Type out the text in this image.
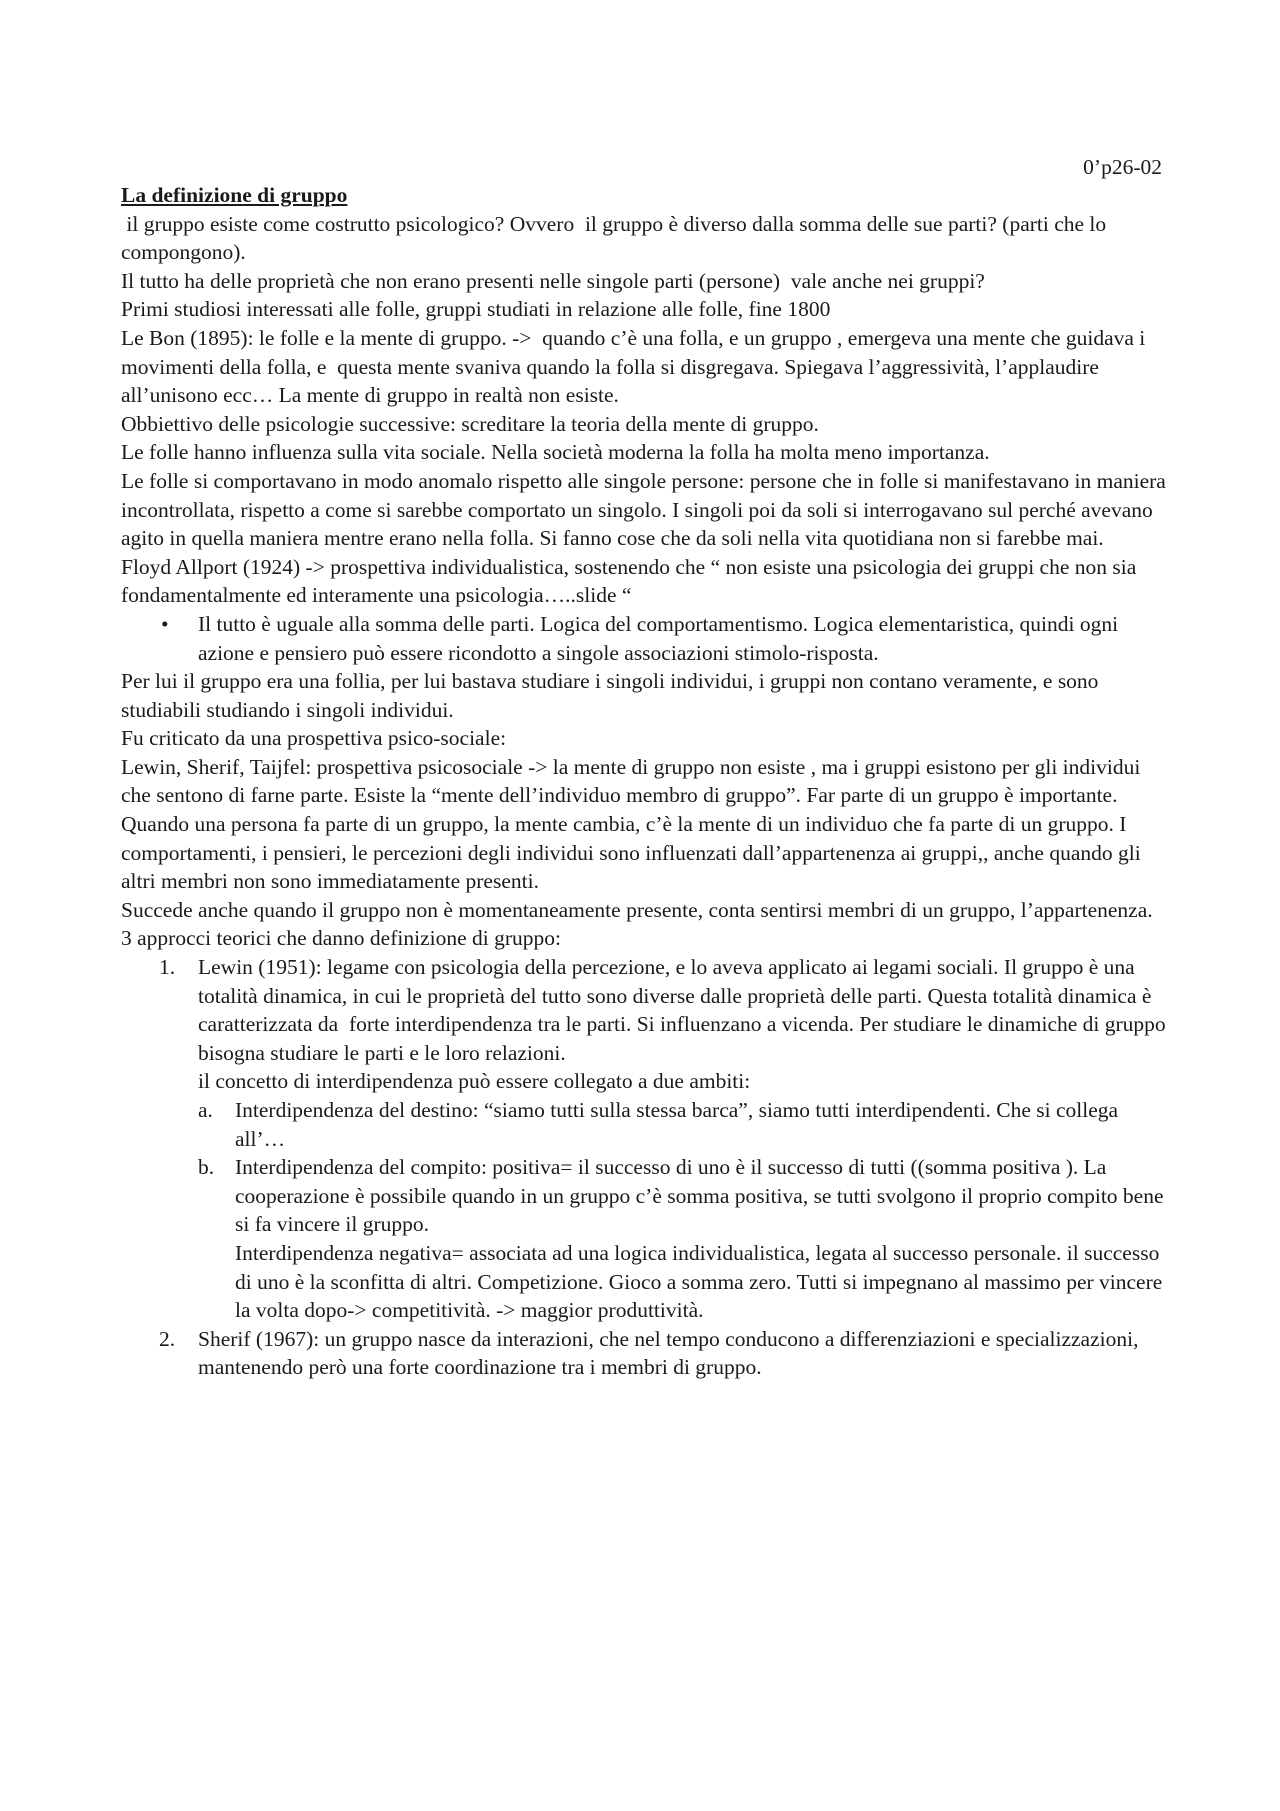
0’p26-02
La definizione di gruppo

il gruppo esiste come costrutto psicologico? Ovvero  il gruppo è diverso dalla somma delle sue parti? (parti che lo compongono).

Il tutto ha delle proprietà che non erano presenti nelle singole parti (persone)  vale anche nei gruppi?

Primi studiosi interessati alle folle, gruppi studiati in relazione alle folle, fine 1800

Le Bon (1895): le folle e la mente di gruppo. ->  quando c’è una folla, e un gruppo , emergeva una mente che guidava i movimenti della folla, e  questa mente svaniva quando la folla si disgregava. Spiegava l’aggressività, l’applaudire all’unisono ecc… La mente di gruppo in realtà non esiste.

Obbiettivo delle psicologie successive: screditare la teoria della mente di gruppo.

Le folle hanno influenza sulla vita sociale. Nella società moderna la folla ha molta meno importanza.

Le folle si comportavano in modo anomalo rispetto alle singole persone: persone che in folle si manifestavano in maniera incontrollata, rispetto a come si sarebbe comportato un singolo. I singoli poi da soli si interrogavano sul perché avevano agito in quella maniera mentre erano nella folla. Si fanno cose che da soli nella vita quotidiana non si farebbe mai.

Floyd Allport (1924) -> prospettiva individualistica, sostenendo che “ non esiste una psicologia dei gruppi che non sia fondamentalmente ed interamente una psicologia…..slide “

• Il tutto è uguale alla somma delle parti. Logica del comportamentismo. Logica elementaristica, quindi ogni azione e pensiero può essere ricondotto a singole associazioni stimolo-risposta.

Per lui il gruppo era una follia, per lui bastava studiare i singoli individui, i gruppi non contano veramente, e sono studiabili studiando i singoli individui.

Fu criticato da una prospettiva psico-sociale:

Lewin, Sherif, Taijfel: prospettiva psicosociale -> la mente di gruppo non esiste , ma i gruppi esistono per gli individui che sentono di farne parte. Esiste la “mente dell’individuo membro di gruppo”. Far parte di un gruppo è importante. Quando una persona fa parte di un gruppo, la mente cambia, c’è la mente di un individuo che fa parte di un gruppo. I comportamenti, i pensieri, le percezioni degli individui sono influenzati dall’appartenenza ai gruppi,, anche quando gli altri membri non sono immediatamente presenti.

Succede anche quando il gruppo non è momentaneamente presente, conta sentirsi membri di un gruppo, l’appartenenza.

3 approcci teorici che danno definizione di gruppo:

1. Lewin (1951): legame con psicologia della percezione, e lo aveva applicato ai legami sociali. Il gruppo è una totalità dinamica, in cui le proprietà del tutto sono diverse dalle proprietà delle parti. Questa totalità dinamica è caratterizzata da  forte interdipendenza tra le parti. Si influenzano a vicenda. Per studiare le dinamiche di gruppo bisogna studiare le parti e le loro relazioni.
il concetto di interdipendenza può essere collegato a due ambiti:
a. Interdipendenza del destino: “siamo tutti sulla stessa barca”, siamo tutti interdipendenti. Che si collega all’…
b. Interdipendenza del compito: positiva= il successo di uno è il successo di tutti ((somma positiva ). La cooperazione è possibile quando in un gruppo c’è somma positiva, se tutti svolgono il proprio compito bene si fa vincere il gruppo.
Interdipendenza negativa= associata ad una logica individualistica, legata al successo personale. il successo di uno è la sconfitta di altri. Competizione. Gioco a somma zero. Tutti si impegnano al massimo per vincere la volta dopo-> competitività. -> maggior produttività.
2. Sherif (1967): un gruppo nasce da interazioni, che nel tempo conducono a differenziazioni e specializzazioni, mantenendo però una forte coordinazione tra i membri di gruppo.
